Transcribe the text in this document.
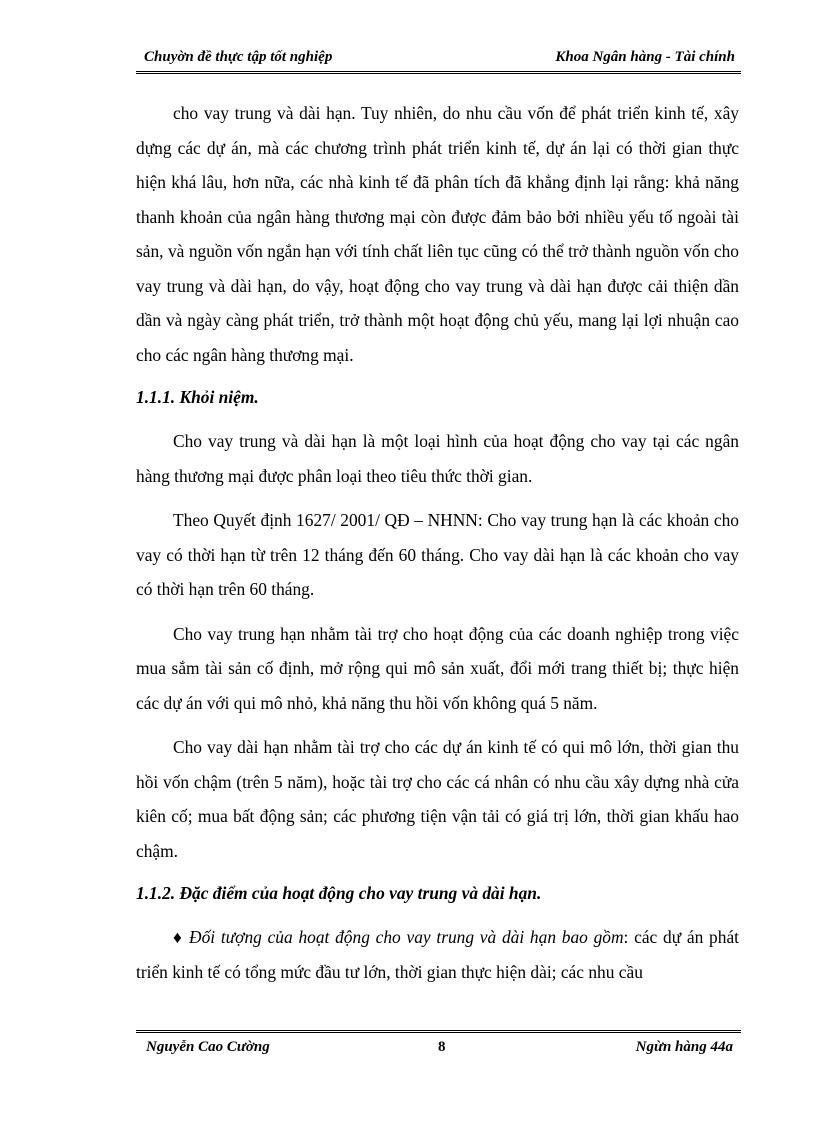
Chuyờn đề thực tập tốt nghiệp	Khoa Ngân hàng - Tài chính

cho vay trung và dài hạn. Tuy nhiên, do nhu cầu vốn để phát triển kinh tế, xây dựng các dự án, mà các chương trình phát triển kinh tế, dự án lại có thời gian thực hiện khá lâu, hơn nữa, các nhà kinh tế đã phân tích đã khẳng định lại rằng: khả năng thanh khoản của ngân hàng thương mại còn được đảm bảo bởi nhiều yếu tố ngoài tài sản, và nguồn vốn ngắn hạn với tính chất liên tục cũng có thể trở thành nguồn vốn cho vay trung và dài hạn, do vậy, hoạt động cho vay trung và dài hạn được cải thiện dần dần và ngày càng phát triển, trở thành một hoạt động chủ yếu, mang lại lợi nhuận cao cho các ngân hàng thương mại.

1.1.1. Khỏi niệm.

Cho vay trung và dài hạn là một loại hình của hoạt động cho vay tại các ngân hàng thương mại được phân loại theo tiêu thức thời gian.

Theo Quyết định 1627/ 2001/ QĐ – NHNN: Cho vay trung hạn là các khoản cho vay có thời hạn từ trên 12 tháng đến 60 tháng. Cho vay dài hạn là các khoản cho vay có thời hạn trên 60 tháng.

Cho vay trung hạn nhằm tài trợ cho hoạt động của các doanh nghiệp trong việc mua sắm tài sản cố định, mở rộng qui mô sản xuất, đổi mới trang thiết bị; thực hiện các dự án với qui mô nhỏ, khả năng thu hồi vốn không quá 5 năm.

Cho vay dài hạn nhằm tài trợ cho các dự án kinh tế có qui mô lớn, thời gian thu hồi vốn chậm (trên 5 năm), hoặc tài trợ cho các cá nhân có nhu cầu xây dựng nhà cửa kiên cố; mua bất động sản; các phương tiện vận tải có giá trị lớn, thời gian khấu hao chậm.

1.1.2. Đặc điểm của hoạt động cho vay trung và dài hạn.

♦ Đối tượng của hoạt động cho vay trung và dài hạn bao gồm: các dự án phát triển kinh tế có tổng mức đầu tư lớn, thời gian thực hiện dài; các nhu cầu

Nguyễn Cao Cường	8	Ngừn hàng 44a
